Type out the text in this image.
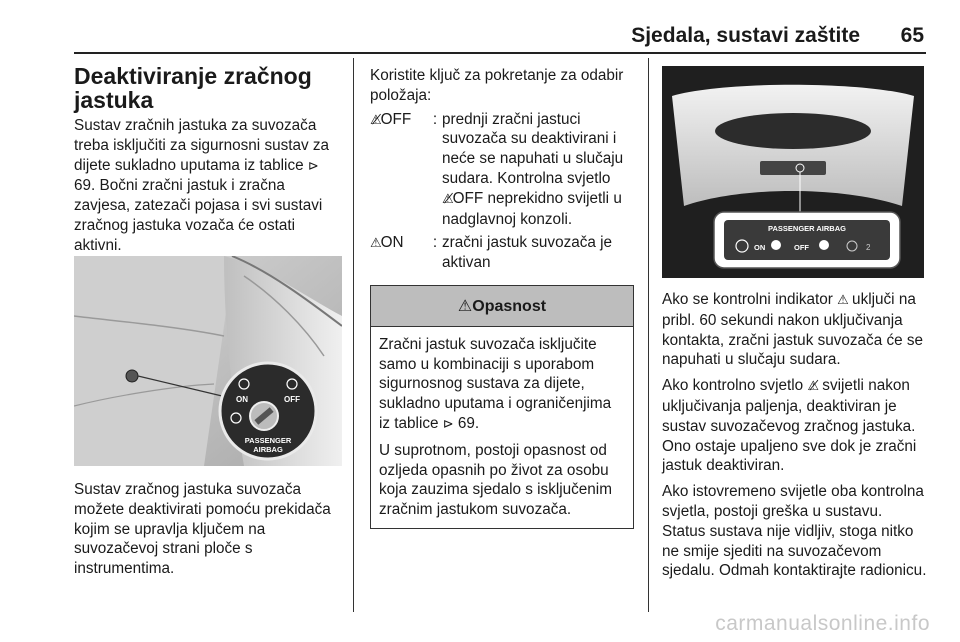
Sjedala, sustavi zaštite 65
Deaktiviranje zračnog jastuka

Sustav zračnih jastuka za suvozača treba isključiti za sigurnosni sustav za dijete sukladno uputama iz tablice ⊳ 69. Bočni zračni jastuk i zračna zavjesa, zatezači pojasa i svi sustavi zračnog jastuka vozača će ostati aktivni.

ON	OFF
PASSENGER
AIRBAG

Sustav zračnog jastuka suvozača možete deaktivirati pomoću prekidača kojim se upravlja ključem na suvozačevoj strani ploče s instrumentima.

Koristite ključ za pokretanje za odabir položaja:

⚠̸OFF	:	prednji zračni jastuci suvozača su deaktivirani i neće se napuhati u slučaju sudara. Kontrolna svjetlo ⚠̸OFF neprekidno svijetli u nadglavnoj konzoli.
⚠ON	:	zračni jastuk suvozača je aktivan
⚠Opasnost

Zračni jastuk suvozača isključite samo u kombinaciji s uporabom sigurnosnog sustava za dijete, sukladno uputama i ograničenjima iz tablice ⊳ 69.

U suprotnom, postoji opasnost od ozljeda opasnih po život za osobu koja zauzima sjedalo s isključenim zračnim jastukom suvozača.

PASSENGER AIRBAG
ON	OFF	2

Ako se kontrolni indikator ⚠ uključi na pribl. 60 sekundi nakon uključivanja kontakta, zračni jastuk suvozača će se napuhati u slučaju sudara.

Ako kontrolno svjetlo ⚠̸ svijetli nakon uključivanja paljenja, deaktiviran je sustav suvozačevog zračnog jastuka. Ono ostaje upaljeno sve dok je zračni jastuk deaktiviran.

Ako istovremeno svijetle oba kontrolna svjetla, postoji greška u sustavu. Status sustava nije vidljiv, stoga nitko ne smije sjediti na suvozačevom sjedalu. Odmah kontaktirajte radionicu.

carmanualsonline.info
